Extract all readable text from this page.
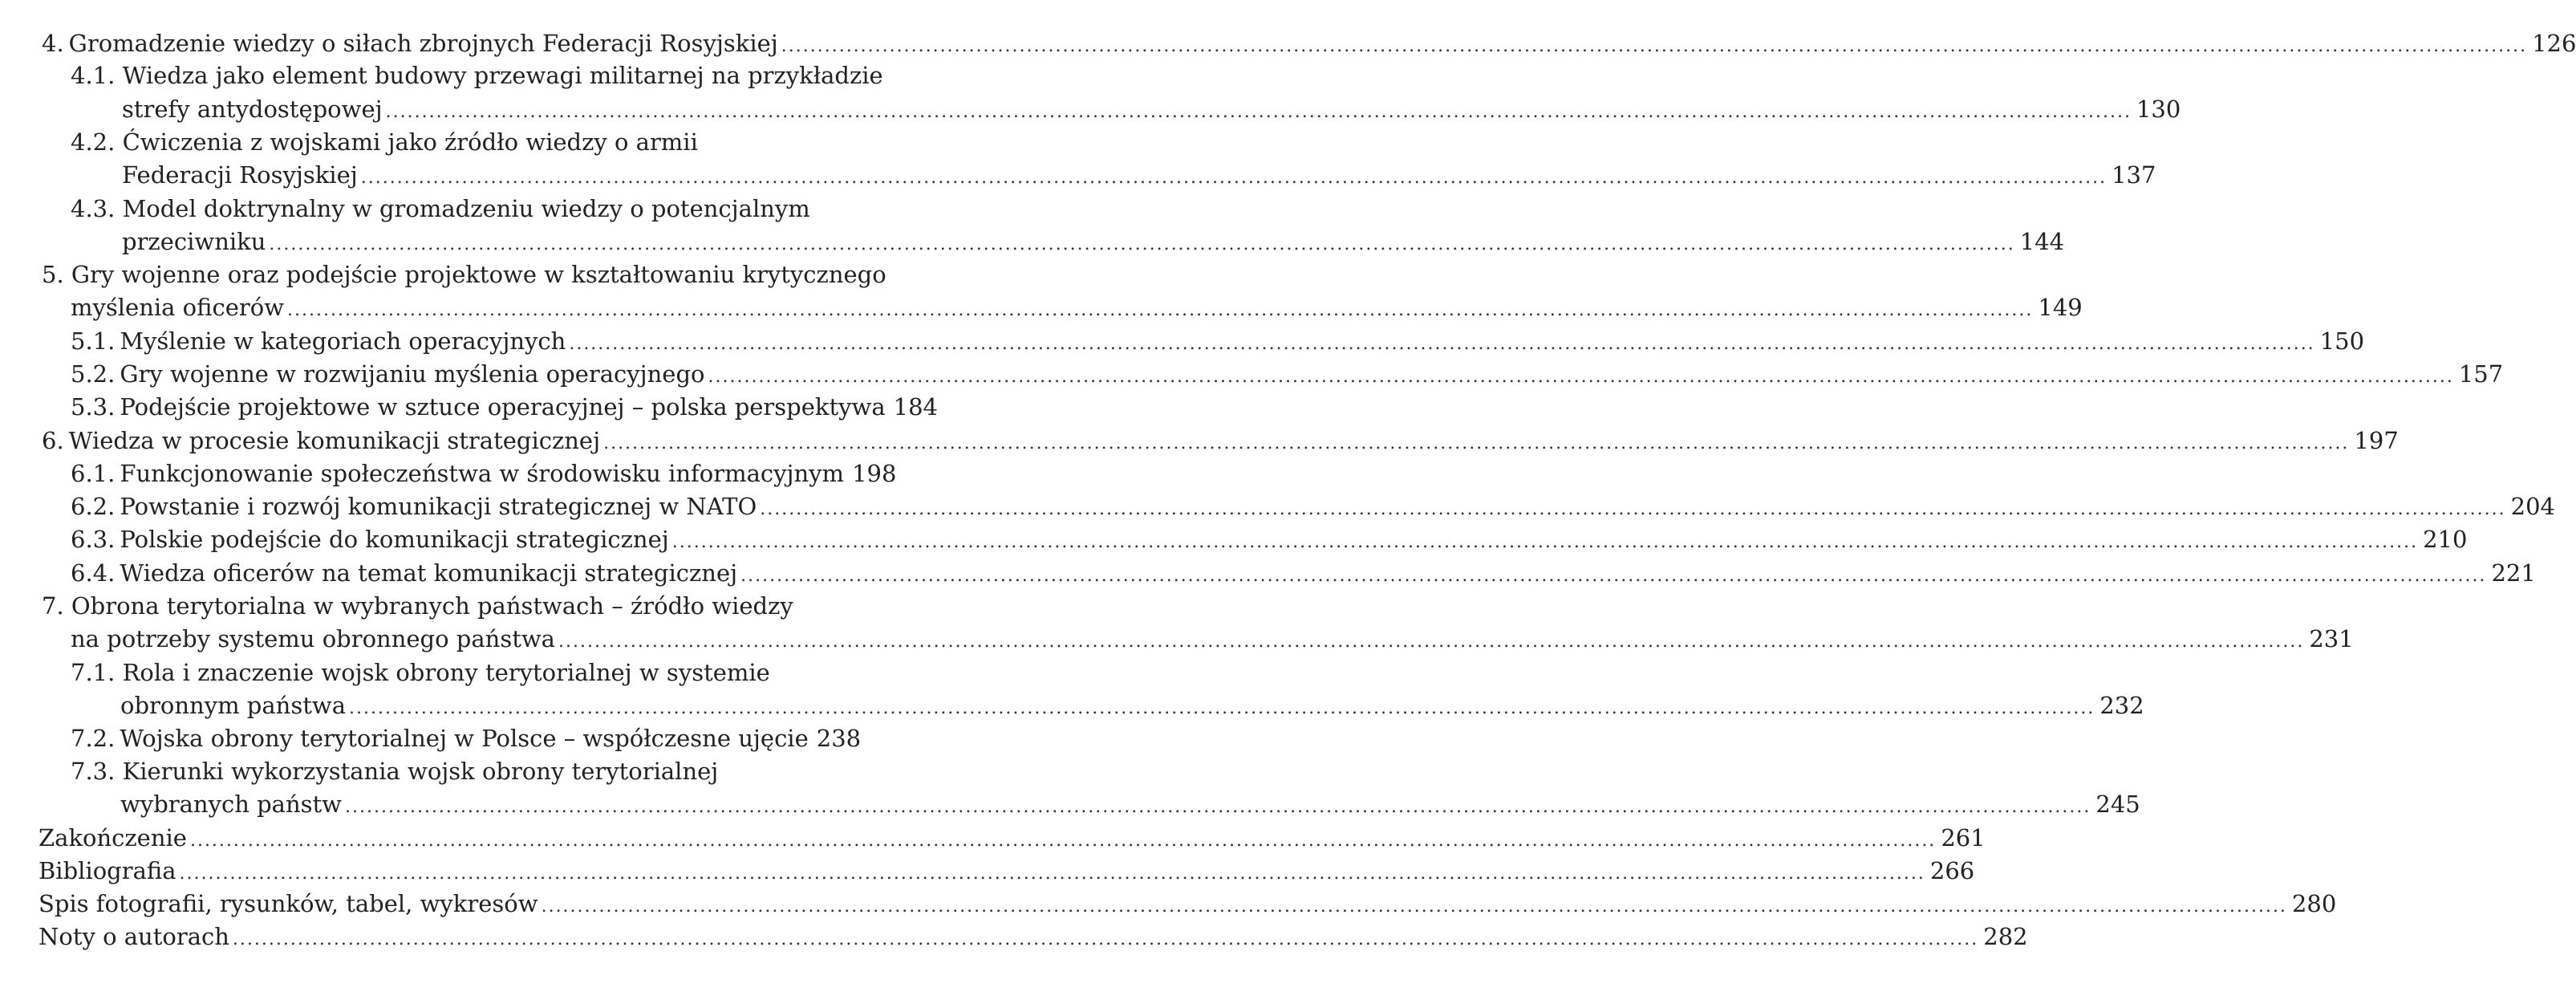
4. Gromadzenie wiedzy o siłach zbrojnych Federacji Rosyjskiej .....	126
4.1. Wiedza jako element budowy przewagi militarnej na przykładzie
strefy antydostępowej .....	130
4.2. Ćwiczenia z wojskami jako źródło wiedzy o armii
Federacji Rosyjskiej .....	137
4.3. Model doktrynalny w gromadzeniu wiedzy o potencjalnym
przeciwniku .....	144
5. Gry wojenne oraz podejście projektowe w kształtowaniu krytycznego
myślenia oficerów .....	149
5.1. Myślenie w kategoriach operacyjnych .....	150
5.2. Gry wojenne w rozwijaniu myślenia operacyjnego .....	157
5.3. Podejście projektowe w sztuce operacyjnej – polska perspektywa 184
6. Wiedza w procesie komunikacji strategicznej .....	197
6.1. Funkcjonowanie społeczeństwa w środowisku informacyjnym 198
6.2. Powstanie i rozwój komunikacji strategicznej w NATO .....	204
6.3. Polskie podejście do komunikacji strategicznej .....	210
6.4. Wiedza oficerów na temat komunikacji strategicznej .....	221
7. Obrona terytorialna w wybranych państwach – źródło wiedzy
na potrzeby systemu obronnego państwa .....	231
7.1. Rola i znaczenie wojsk obrony terytorialnej w systemie
obronnym państwa .....	232
7.2. Wojska obrony terytorialnej w Polsce – współczesne ujęcie 238
7.3. Kierunki wykorzystania wojsk obrony terytorialnej
wybranych państw .....	245
Zakończenie .....	261
Bibliografia .....	266
Spis fotografii, rysunków, tabel, wykresów .....	280
Noty o autorach .....	282
